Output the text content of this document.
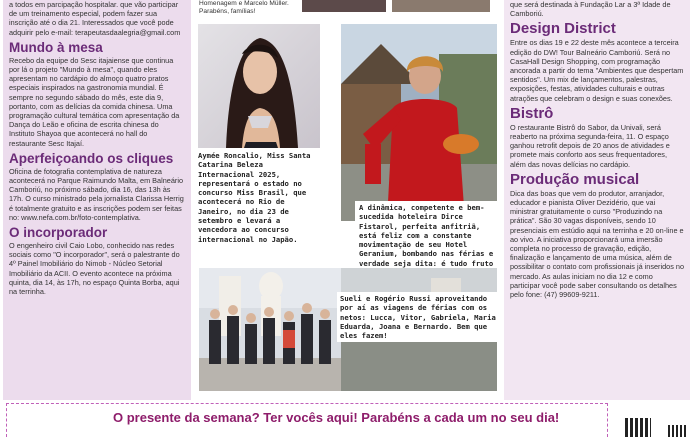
a todos em parcipação hospitalar. que vão participar de um treinamento especial, podem fazer sua inscrição até o dia 21. Interessados que você pode adquirir pelo e-mail: terapeutasdaalegria@gmail.com

Mundo à mesa

Recebo da equipe do Sesc itajaiense que continua por lá o projeto "Mundo à mesa", quando eles apresentam no cardápio do almoço quatro pratos especiais inspirados na gastronomia mundial. É sempre no segundo sábado do mês, este dia 9, portanto, com as delícias da comida chinesa. Uma programação cultural temática com apresentação da Dança do Leão e oficina de escrita chinesa do Instituto Shayoa que acontecerá no hall do restaurante Sesc Itajaí.

Aperfeiçoando os cliques

Oficina de fotografia contemplativa de natureza acontecerá no Parque Raimundo Malta, em Balneário Camboriú, no próximo sábado, dia 16, das 13h às 17h. O curso ministrado pela jornalista Clarissa Herrig é totalmente gratuito e as inscrições podem ser feitas no: www.nefa.com.br/foto-contemplativa.

O incorporador

O engenheiro civil Caio Lobo, conhecido nas redes sociais como "O incorporador", será o palestrante do 4º Painel Imobiliário do Nimob - Núcleo Setorial Imobiliário da ACII. O evento acontece na próxima quinta, dia 14, às 17h, no espaço Quinta Borba, aqui na terrinha.

Homenagem e Marcelo Müller. Parabéns, famílias!
Aymée Roncalio, Miss Santa Catarina Beleza Internacional 2025, representará o estado no concurso Miss Brasil, que acontecerá no Rio de Janeiro, no dia 23 de setembro e levará a vencedora ao concurso internacional no Japão.
A dinâmica, competente e bem-sucedida hoteleira Dirce Fistarol, perfeita anfitriã, está feliz com a constante movimentação de seu Hotel Geranium, bombando nas férias e verdade seja dita: é tudo fruto
Sueli e Rogério Russi aproveitando por aí as viagens de férias com os netos: Lucca, Vitor, Gabriela, Maria Eduarda, Joana e Bernardo. Bem que eles fazem!

que será destinada à Fundação Lar a 3ª Idade de Camboriú.

Design District

Entre os dias 19 e 22 deste mês acontece a terceira edição do DW! Tour Balneário Camboriú. Será no CasaHall Design Shopping, com programação ancorada a partir do tema "Ambientes que despertam sentidos". Um mix de lançamentos, palestras, exposições, festas, atividades culturais e outras atrações que celebram o design e suas conexões.

Bistrô

O restaurante Bistrô do Sabor, da Univali, será reaberto na próxima segunda-feira, 11. O espaço ganhou retrofit depois de 20 anos de atividades e promete mais conforto aos seus frequentadores, além das novas delícias no cardápio.

Produção musical

Dica das boas que vem do produtor, arranjador, educador e pianista Oliver Dezidério, que vai ministrar gratuitamente o curso "Produzindo na prática". São 30 vagas disponíveis, sendo 10 presenciais em estúdio aqui na terrinha e 20 on-line e ao vivo. A iniciativa proporcionará uma imersão completa no processo de gravação, edição, finalização e lançamento de uma música, além de possibilitar o contato com profissionais já inseridos no mercado. As aulas iniciam no dia 12 e como participar você pode saber consultando os detalhes pelo fone: (47) 99609-9211.

O presente da semana? Ter vocês aqui! Parabéns a cada um no seu dia!
